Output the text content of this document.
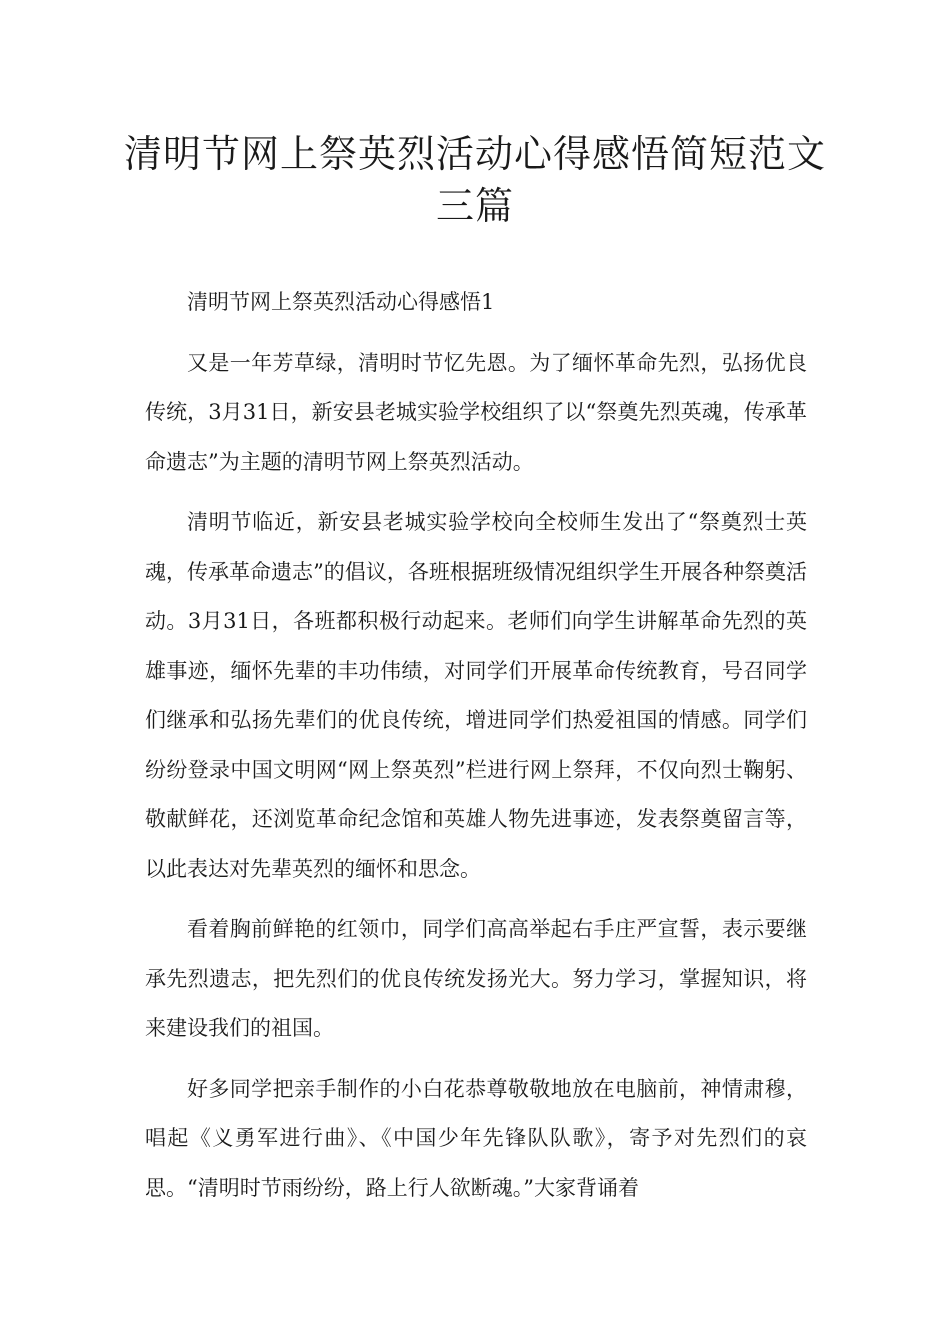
清明节网上祭英烈活动心得感悟简短范文三篇

清明节网上祭英烈活动心得感悟1

又是一年芳草绿，清明时节忆先恩。为了缅怀革命先烈，弘扬优良传统，3月31日，新安县老城实验学校组织了以“祭奠先烈英魂，传承革命遗志”为主题的清明节网上祭英烈活动。

清明节临近，新安县老城实验学校向全校师生发出了“祭奠烈士英魂，传承革命遗志”的倡议，各班根据班级情况组织学生开展各种祭奠活动。3月31日，各班都积极行动起来。老师们向学生讲解革命先烈的英雄事迹，缅怀先辈的丰功伟绩，对同学们开展革命传统教育，号召同学们继承和弘扬先辈们的优良传统，增进同学们热爱祖国的情感。同学们纷纷登录中国文明网“网上祭英烈”栏进行网上祭拜，不仅向烈士鞠躬、敬献鲜花，还浏览革命纪念馆和英雄人物先进事迹，发表祭奠留言等，以此表达对先辈英烈的缅怀和思念。

看着胸前鲜艳的红领巾，同学们高高举起右手庄严宣誓，表示要继承先烈遗志，把先烈们的优良传统发扬光大。努力学习，掌握知识，将来建设我们的祖国。

好多同学把亲手制作的小白花恭尊敬敬地放在电脑前，神情肃穆，唱起《义勇军进行曲》、《中国少年先锋队队歌》，寄予对先烈们的哀思。“清明时节雨纷纷，路上行人欲断魂。”大家背诵着
